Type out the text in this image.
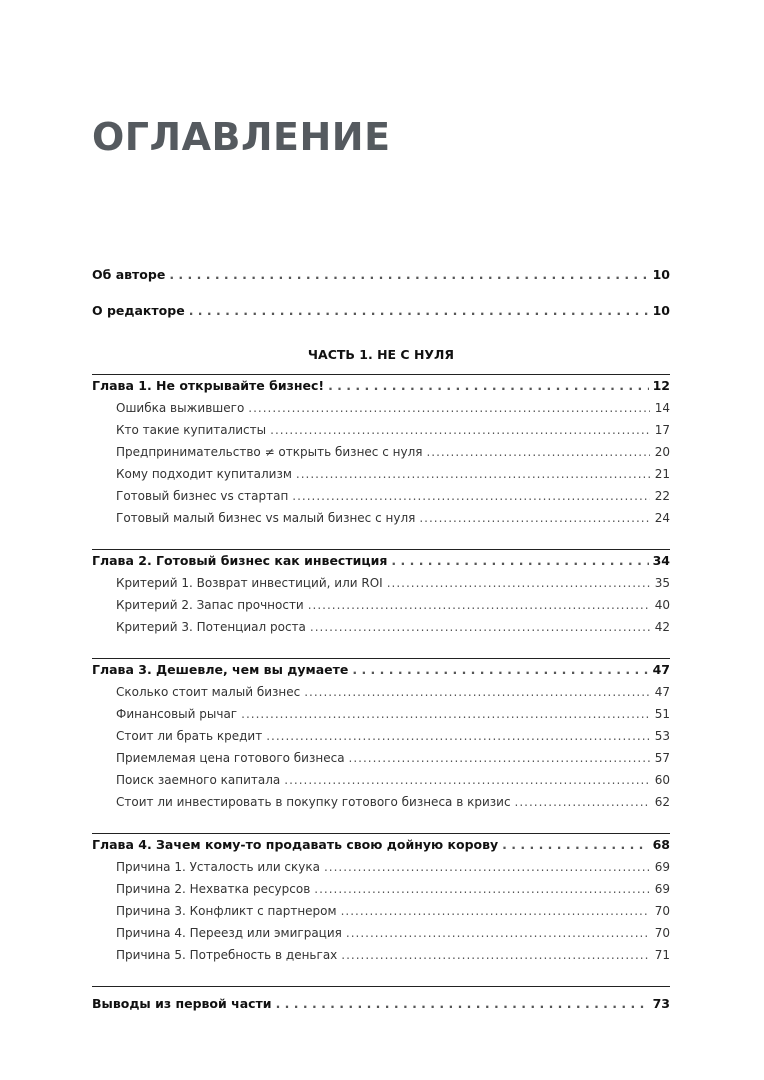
ОГЛАВЛЕНИЕ
Об авторе . . .	10
О редакторе . . .	10
ЧАСТЬ 1. НЕ С НУЛЯ
Глава 1. Не открывайте бизнес! . . .	12
Ошибка выжившего .....	14
Кто такие купиталисты .....	17
Предпринимательство ≠ открыть бизнес с нуля .....	20
Кому подходит купитализм .....	21
Готовый бизнес vs стартап .....	22
Готовый малый бизнес vs малый бизнес с нуля .....	24
Глава 2. Готовый бизнес как инвестиция . . .	34
Критерий 1. Возврат инвестиций, или ROI .....	35
Критерий 2. Запас прочности .....	40
Критерий 3. Потенциал роста .....	42
Глава 3. Дешевле, чем вы думаете . . .	47
Сколько стоит малый бизнес .....	47
Финансовый рычаг .....	51
Стоит ли брать кредит .....	53
Приемлемая цена готового бизнеса .....	57
Поиск заемного капитала .....	60
Стоит ли инвестировать в покупку готового бизнеса в кризис .....	62
Глава 4. Зачем кому-то продавать свою дойную корову . . .	68
Причина 1. Усталость или скука .....	69
Причина 2. Нехватка ресурсов .....	69
Причина 3. Конфликт с партнером .....	70
Причина 4. Переезд или эмиграция .....	70
Причина 5. Потребность в деньгах .....	71
Выводы из первой части . . .	73
